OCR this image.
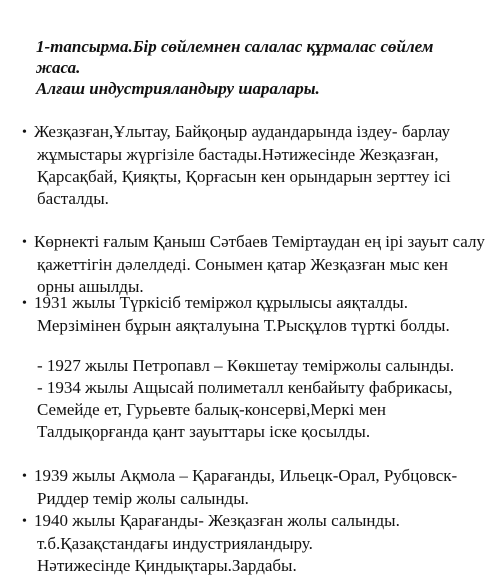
1-тапсырма.Бір сөйлемнен салалас құрмалас сөйлем
жаса.
Алғаш индустрияландыру шаралары.
• Жезқазған,Ұлытау, Байқоңыр аудандарында іздеу- барлау
жұмыстары жүргізіле бастады.Нәтижесінде Жезқазған,
Қарсақбай, Қияқты, Қорғасын кен орындарын зерттеу ісі
басталды.
• Көрнекті ғалым Қаныш Сәтбаев Теміртаудан ең ірі зауыт салу
қажеттігін дәлелдеді. Сонымен қатар Жезқазған мыс кен
орны ашылды.
• 1931 жылы Түркісіб теміржол құрылысы аяқталды.
Мерзімінен бұрын аяқталуына Т.Рысқұлов түрткі болды.
- 1927 жылы Петропавл – Көкшетау теміржолы салынды.
- 1934 жылы Ащысай полиметалл кенбайыту фабрикасы,
Семейде ет, Гурьевте балық-консервi,Меркі мен
Талдықорғанда қант зауыттары іске қосылды.
• 1939 жылы Ақмола – Қарағанды, Ильецк-Орал, Рубцовск-
Риддер темір жолы салынды.
• 1940 жылы Қарағанды- Жезқазған жолы салынды.
т.б.Қазақстандағы индустрияландыру.
Нәтижесінде Қиндықтары.Зардабы.
